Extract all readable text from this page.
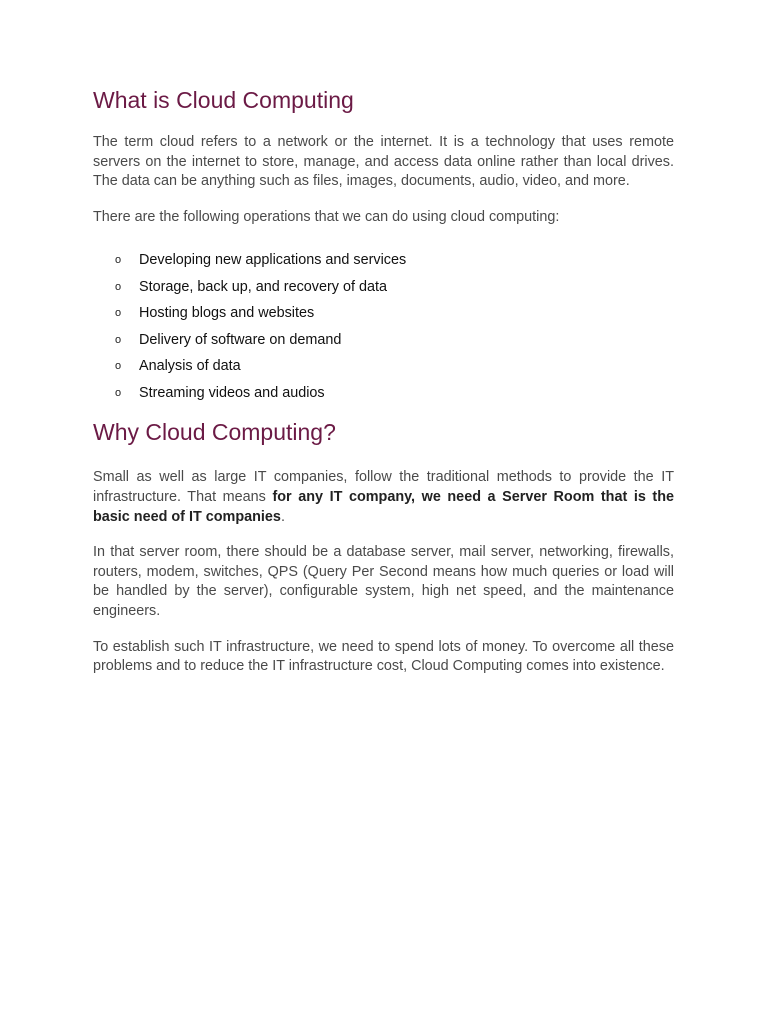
What is Cloud Computing

The term cloud refers to a network or the internet. It is a technology that uses remote servers on the internet to store, manage, and access data online rather than local drives. The data can be anything such as files, images, documents, audio, video, and more.

There are the following operations that we can do using cloud computing:

o Developing new applications and services
o Storage, back up, and recovery of data
o Hosting blogs and websites
o Delivery of software on demand
o Analysis of data
o Streaming videos and audios
Why Cloud Computing?

Small as well as large IT companies, follow the traditional methods to provide the IT infrastructure. That means for any IT company, we need a Server Room that is the basic need of IT companies.

In that server room, there should be a database server, mail server, networking, firewalls, routers, modem, switches, QPS (Query Per Second means how much queries or load will be handled by the server), configurable system, high net speed, and the maintenance engineers.

To establish such IT infrastructure, we need to spend lots of money. To overcome all these problems and to reduce the IT infrastructure cost, Cloud Computing comes into existence.
